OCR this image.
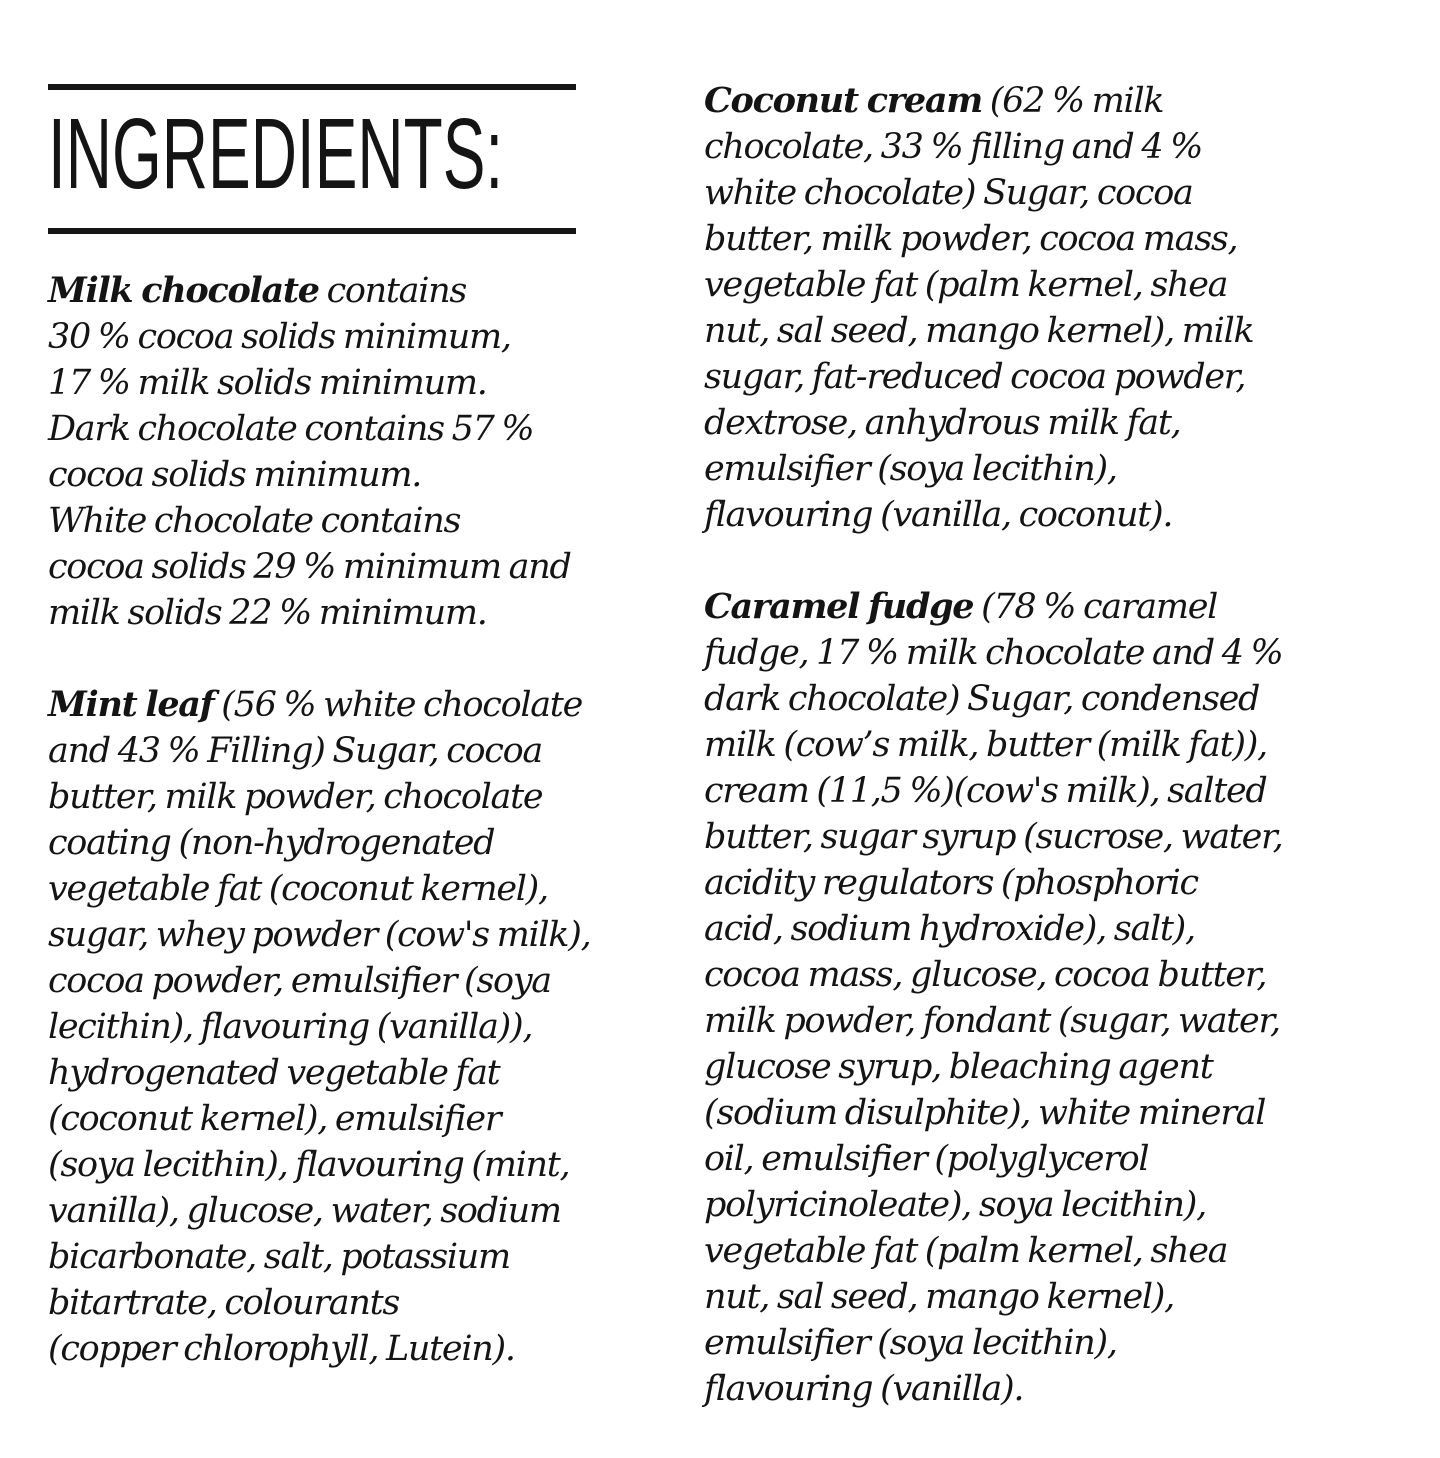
INGREDIENTS:
Milk chocolate contains
30 % cocoa solids minimum,
17 % milk solids minimum.
Dark chocolate contains 57 %
cocoa solids minimum.
White chocolate contains
cocoa solids 29 % minimum and
milk solids 22 % minimum.
Mint leaf (56 % white chocolate
and 43 % Filling) Sugar, cocoa
butter, milk powder, chocolate
coating (non-hydrogenated
vegetable fat (coconut kernel),
sugar, whey powder (cow's milk),
cocoa powder, emulsifier (soya
lecithin), flavouring (vanilla)),
hydrogenated vegetable fat
(coconut kernel), emulsifier
(soya lecithin), flavouring (mint,
vanilla), glucose, water, sodium
bicarbonate, salt, potassium
bitartrate, colourants
(copper chlorophyll, Lutein).
Coconut cream (62 % milk
chocolate, 33 % filling and 4 %
white chocolate) Sugar, cocoa
butter, milk powder, cocoa mass,
vegetable fat (palm kernel, shea
nut, sal seed, mango kernel), milk
sugar, fat-reduced cocoa powder,
dextrose, anhydrous milk fat,
emulsifier (soya lecithin),
flavouring (vanilla, coconut).
Caramel fudge (78 % caramel
fudge, 17 % milk chocolate and 4 %
dark chocolate) Sugar, condensed
milk (cow’s milk, butter (milk fat)),
cream (11,5 %)(cow's milk), salted
butter, sugar syrup (sucrose, water,
acidity regulators (phosphoric
acid, sodium hydroxide), salt),
cocoa mass, glucose, cocoa butter,
milk powder, fondant (sugar, water,
glucose syrup, bleaching agent
(sodium disulphite), white mineral
oil, emulsifier (polyglycerol
polyricinoleate), soya lecithin),
vegetable fat (palm kernel, shea
nut, sal seed, mango kernel),
emulsifier (soya lecithin),
flavouring (vanilla).
